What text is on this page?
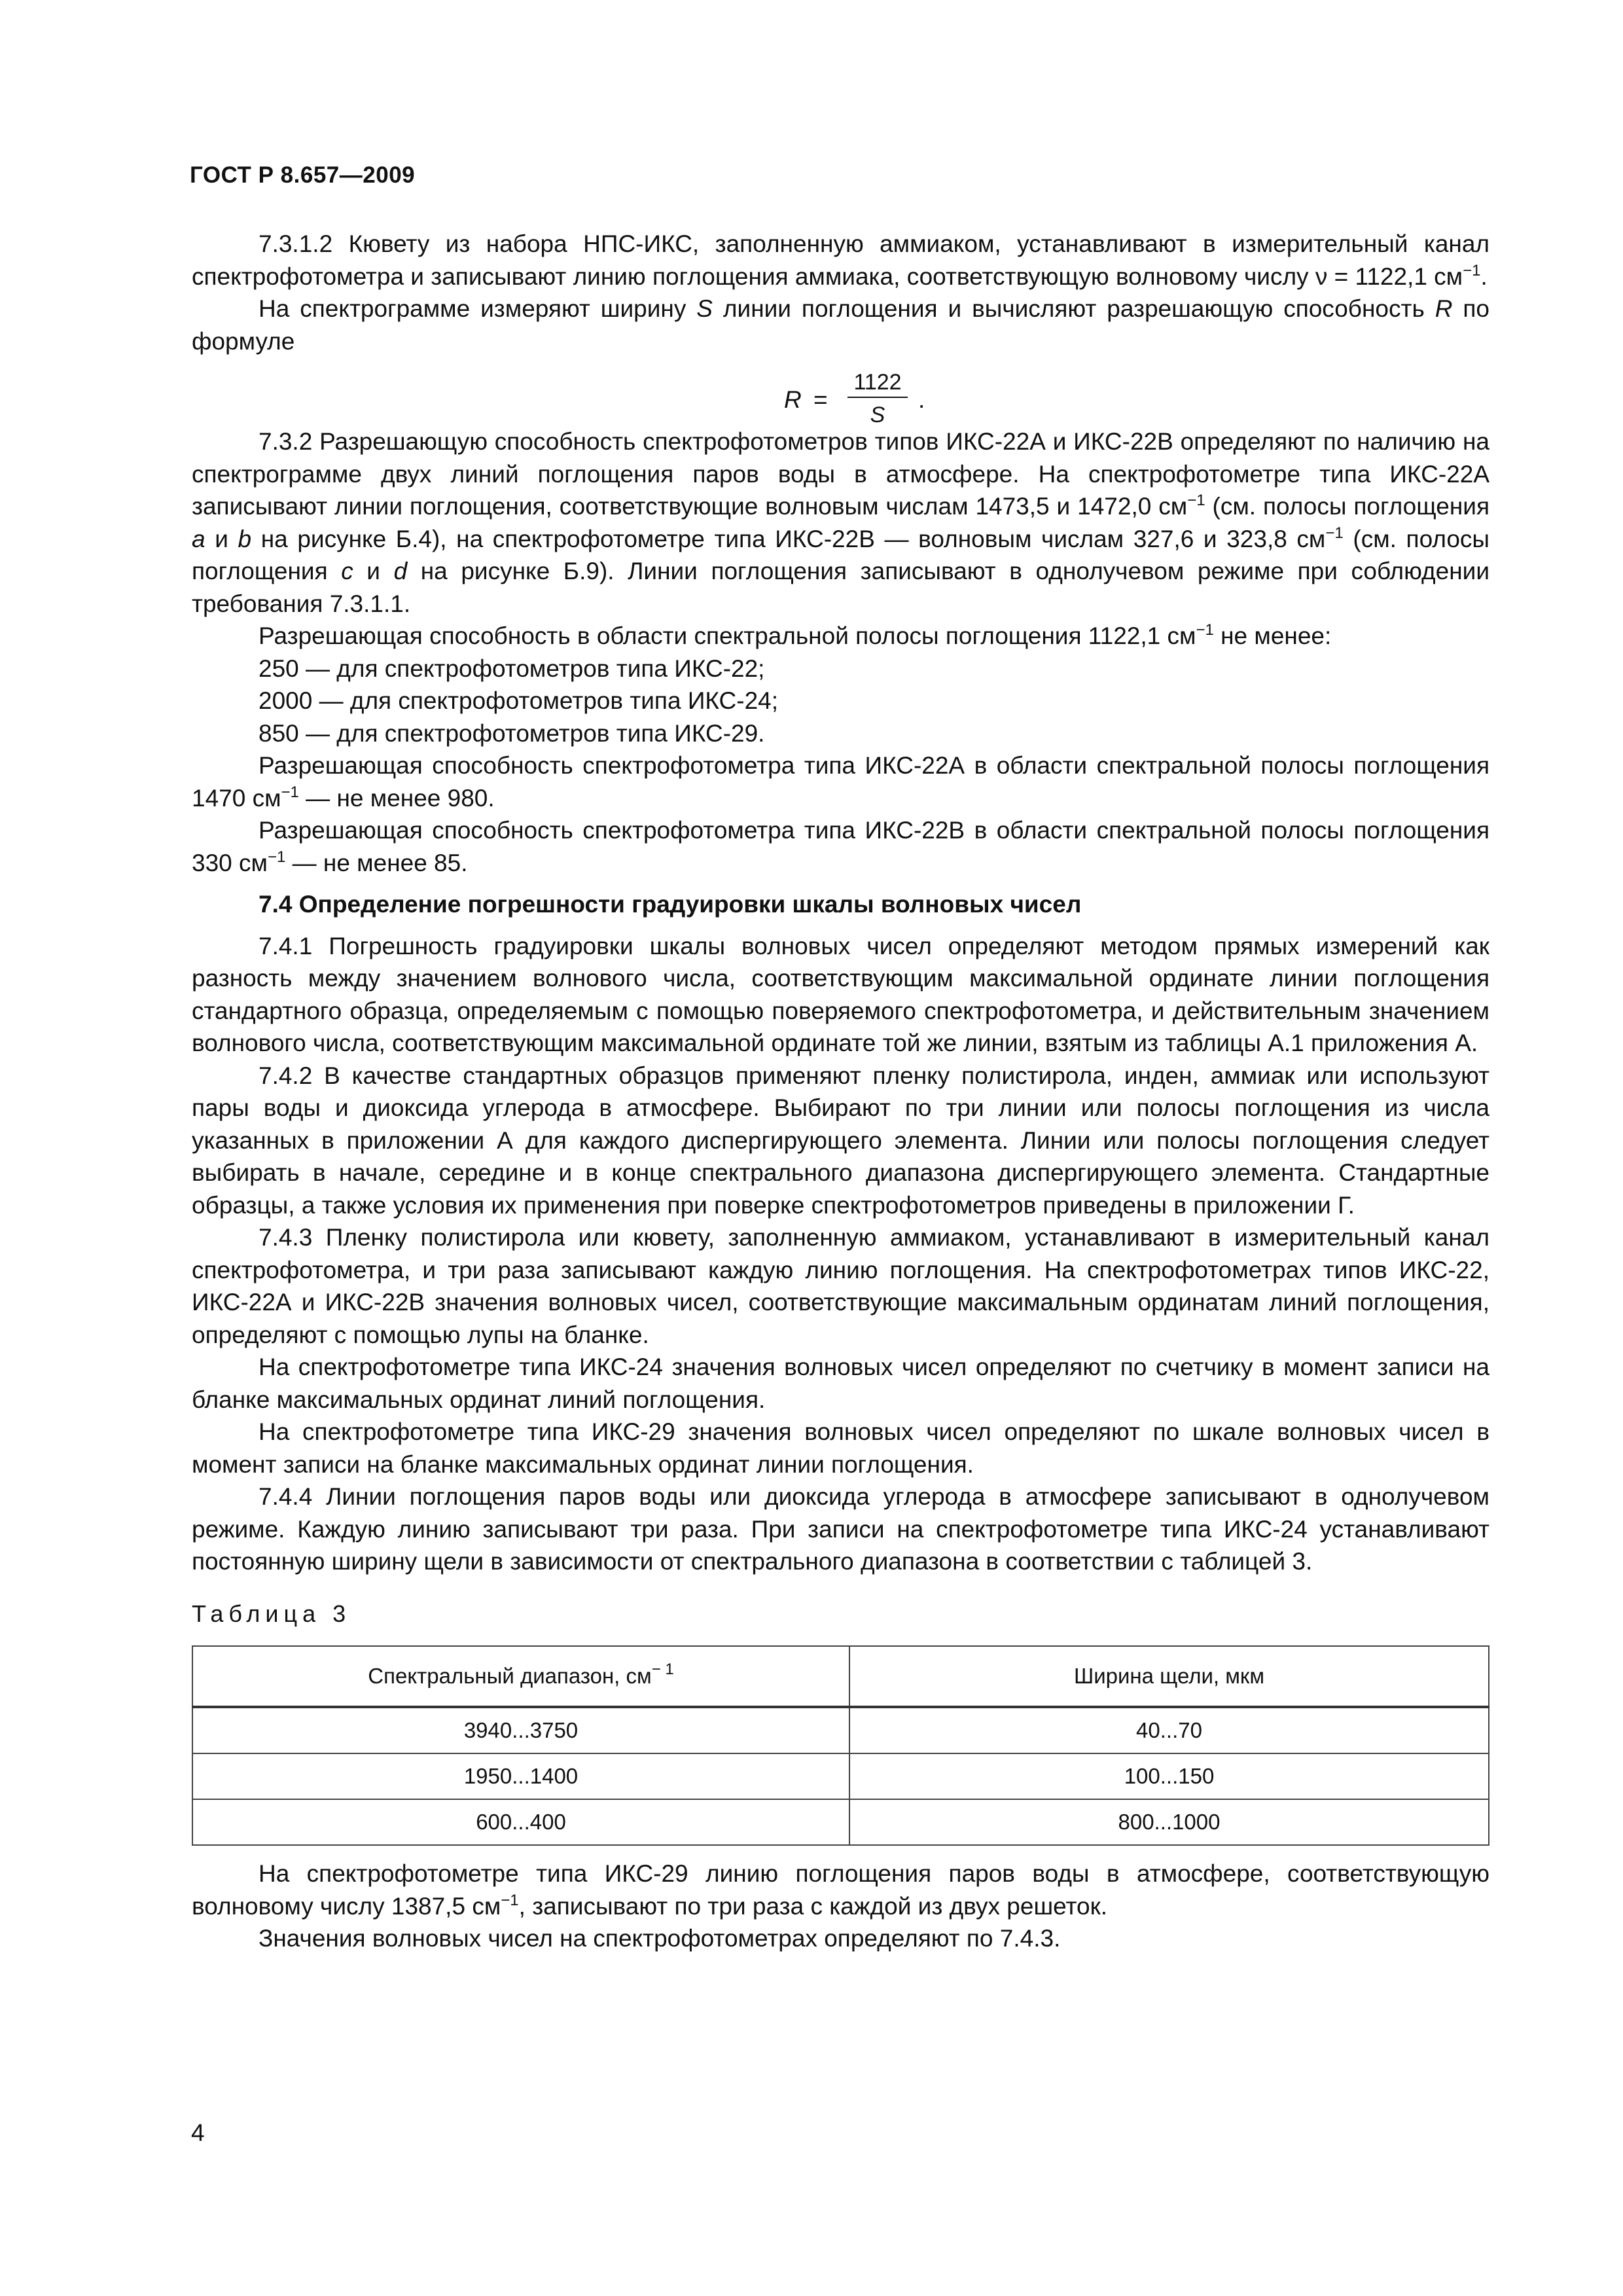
ГОСТ Р 8.657—2009

7.3.1.2 Кювету из набора НПС-ИКС, заполненную аммиаком, устанавливают в измерительный канал спектрофотометра и записывают линию поглощения аммиака, соответствующую волновому числу ν = 1122,1 $см^{-1}$.

На спектрограмме измеряют ширину S линии поглощения и вычисляют разрешающую способность R по формуле

R =
1122
S
.

7.3.2 Разрешающую способность спектрофотометров типов ИКС-22А и ИКС-22В определяют по наличию на спектрограмме двух линий поглощения паров воды в атмосфере. На спектрофотометре типа ИКС-22А записывают линии поглощения, соответствующие волновым числам 1473,5 и 1472,0 $см^{-1}$ (см. полосы поглощения a и b на рисунке Б.4), на спектрофотометре типа ИКС-22В — волновым числам 327,6 и 323,8 $см^{-1}$ (см. полосы поглощения c и d на рисунке Б.9). Линии поглощения записывают в однолучевом режиме при соблюдении требования 7.3.1.1.

Разрешающая способность в области спектральной полосы поглощения 1122,1 $см^{-1}$ не менее:

250 — для спектрофотометров типа ИКС-22;

2000 — для спектрофотометров типа ИКС-24;

850 — для спектрофотометров типа ИКС-29.

Разрешающая способность спектрофотометра типа ИКС-22А в области спектральной полосы поглощения 1470 $см^{-1}$ — не менее 980.

Разрешающая способность спектрофотометра типа ИКС-22В в области спектральной полосы поглощения 330 $см^{-1}$ — не менее 85.

7.4 Определение погрешности градуировки шкалы волновых чисел

7.4.1 Погрешность градуировки шкалы волновых чисел определяют методом прямых измерений как разность между значением волнового числа, соответствующим максимальной ординате линии поглощения стандартного образца, определяемым с помощью поверяемого спектрофотометра, и действительным значением волнового числа, соответствующим максимальной ординате той же линии, взятым из таблицы А.1 приложения А.

7.4.2 В качестве стандартных образцов применяют пленку полистирола, инден, аммиак или используют пары воды и диоксида углерода в атмосфере. Выбирают по три линии или полосы поглощения из числа указанных в приложении А для каждого диспергирующего элемента. Линии или полосы поглощения следует выбирать в начале, середине и в конце спектрального диапазона диспергирующего элемента. Стандартные образцы, а также условия их применения при поверке спектрофотометров приведены в приложении Г.

7.4.3 Пленку полистирола или кювету, заполненную аммиаком, устанавливают в измерительный канал спектрофотометра, и три раза записывают каждую линию поглощения. На спектрофотометрах типов ИКС-22, ИКС-22А и ИКС-22В значения волновых чисел, соответствующие максимальным ординатам линий поглощения, определяют с помощью лупы на бланке.

На спектрофотометре типа ИКС-24 значения волновых чисел определяют по счетчику в момент записи на бланке максимальных ординат линий поглощения.

На спектрофотометре типа ИКС-29 значения волновых чисел определяют по шкале волновых чисел в момент записи на бланке максимальных ординат линии поглощения.

7.4.4 Линии поглощения паров воды или диоксида углерода в атмосфере записывают в однолучевом режиме. Каждую линию записывают три раза. При записи на спектрофотометре типа ИКС-24 устанавливают постоянную ширину щели в зависимости от спектрального диапазона в соответствии с таблицей 3.

Таблица 3

Спектральный диапазон, $см^{- 1}$	Ширина щели, мкм
3940...3750	40...70
1950...1400	100...150
600...400	800...1000

На спектрофотометре типа ИКС-29 линию поглощения паров воды в атмосфере, соответствующую волновому числу 1387,5 $см^{-1}$, записывают по три раза с каждой из двух решеток.

Значения волновых чисел на спектрофотометрах определяют по 7.4.3.

4
